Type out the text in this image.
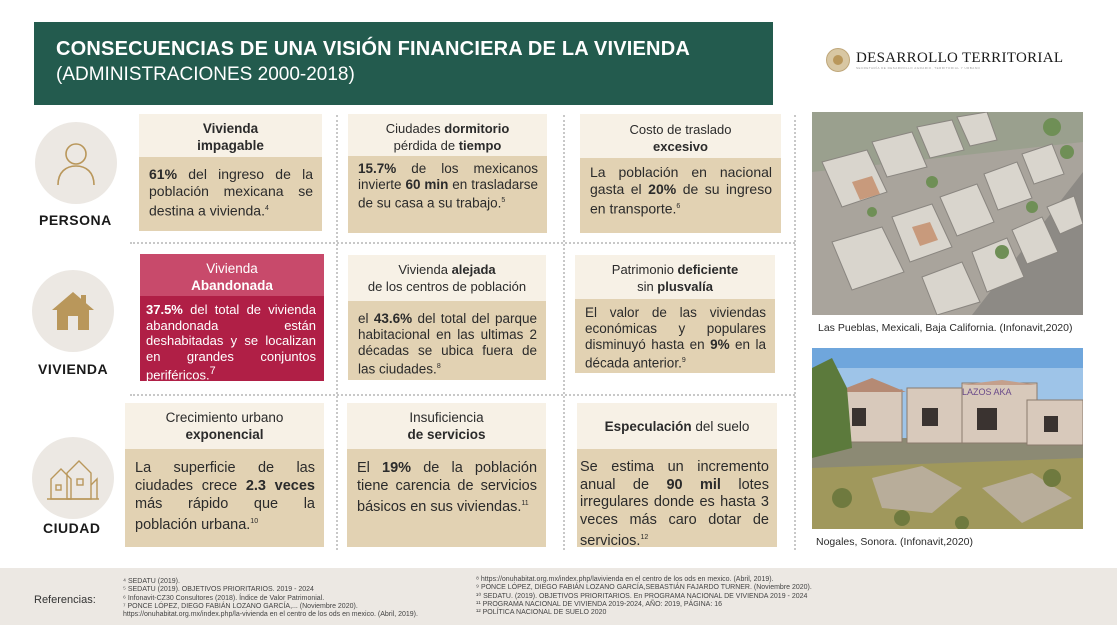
CONSECUENCIAS DE UNA VISIÓN FINANCIERA DE LA VIVIENDA
(ADMINISTRACIONES 2000-2018)
DESARROLLO TERRITORIAL
SECRETARÍA DE DESARROLLO AGRARIO, TERRITORIAL Y URBANO
PERSONA
VIVIENDA
CIUDAD
Vivienda impagable
61% del ingreso de la población mexicana se destina a vivienda.$^4$
Ciudades dormitorio
pérdida de tiempo
15.7% de los mexicanos invierte 60 min en trasladarse de su casa a su trabajo.$^5$
Costo de traslado
excesivo
La población en nacional gasta el 20% de su ingreso en transporte.$^6$
Vivienda
Abandonada
37.5% del total de vivienda abandonada están deshabitadas y se localizan en grandes conjuntos periféricos.$^7$
Vivienda alejada
de los centros de población
el 43.6% del total del parque habitacional en las ultimas 2 décadas se ubica fuera de las ciudades.$^8$
Patrimonio deficiente
sin plusvalía
El valor de las viviendas económicas y populares disminuyó hasta en 9% en la década anterior.$^9$
Crecimiento urbano
exponencial
La superficie de las ciudades crece 2.3 veces más rápido que la población urbana.$^{10}$
Insuficiencia
de servicios
El 19% de la población tiene carencia de servicios básicos en sus viviendas.$^{11}$
Especulación del suelo
Se estima un incremento anual de 90 mil lotes irregulares donde es hasta 3 veces más caro dotar de servicios.$^{12}$
Las Pueblas, Mexicali, Baja California. (Infonavit,2020)
LAZOS AKA
Nogales, Sonora. (Infonavit,2020)
Referencias:
⁴ SEDATU (2019).
⁵ SEDATU (2019). OBJETIVOS PRIORITARIOS. 2019 - 2024
⁶ Infonavit-CZ30 Consultores (2018). Índice de Valor Patrimonial.
⁷ PONCE LÓPEZ, DIEGO FABIÁN LOZANO GARCÍA,... (Noviembre 2020).
https://onuhabitat.org.mx/index.php/la-vivienda en el centro de los ods en mexico. (Abril, 2019).
⁸ https://onuhabitat.org.mx/index.php/lavivienda en el centro de los ods en mexico. (Abril, 2019).
⁹ PONCE LÓPEZ, DIEGO FABIÁN LOZANO GARCÍA,SEBASTIÁN FAJARDO TURNER. (Noviembre 2020).
¹⁰ SEDATU. (2019). OBJETIVOS PRIORITARIOS. En PROGRAMA NACIONAL DE VIVIENDA 2019 - 2024
¹¹ PROGRAMA NACIONAL DE VIVIENDA 2019-2024, AÑO: 2019, PÁGINA: 16
¹² POLÍTICA NACIONAL DE SUELO 2020
